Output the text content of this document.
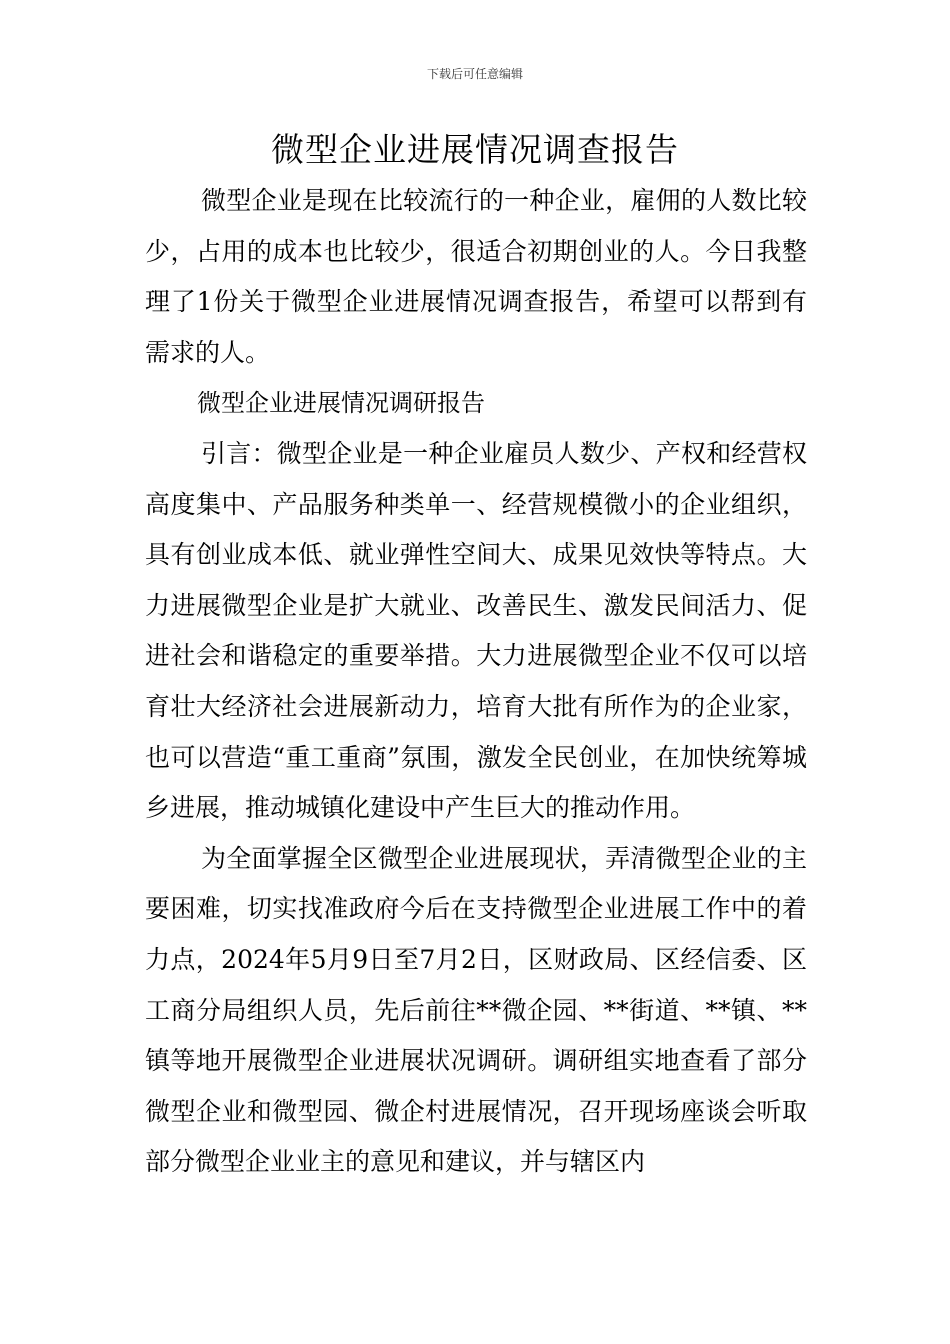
下载后可任意编辑
微型企业进展情况调查报告

微型企业是现在比较流行的一种企业，雇佣的人数比较少，占用的成本也比较少，很适合初期创业的人。今日我整理了1份关于微型企业进展情况调查报告，希望可以帮到有需求的人。

微型企业进展情况调研报告

引言：微型企业是一种企业雇员人数少、产权和经营权高度集中、产品服务种类单一、经营规模微小的企业组织，具有创业成本低、就业弹性空间大、成果见效快等特点。大力进展微型企业是扩大就业、改善民生、激发民间活力、促进社会和谐稳定的重要举措。大力进展微型企业不仅可以培育壮大经济社会进展新动力，培育大批有所作为的企业家，也可以营造“重工重商”氛围，激发全民创业，在加快统筹城乡进展，推动城镇化建设中产生巨大的推动作用。

为全面掌握全区微型企业进展现状，弄清微型企业的主要困难，切实找准政府今后在支持微型企业进展工作中的着力点，2024年5月9日至7月2日，区财政局、区经信委、区工商分局组织人员，先后前往**微企园、**街道、**镇、**镇等地开展微型企业进展状况调研。调研组实地查看了部分微型企业和微型园、微企村进展情况，召开现场座谈会听取部分微型企业业主的意见和建议，并与辖区内
